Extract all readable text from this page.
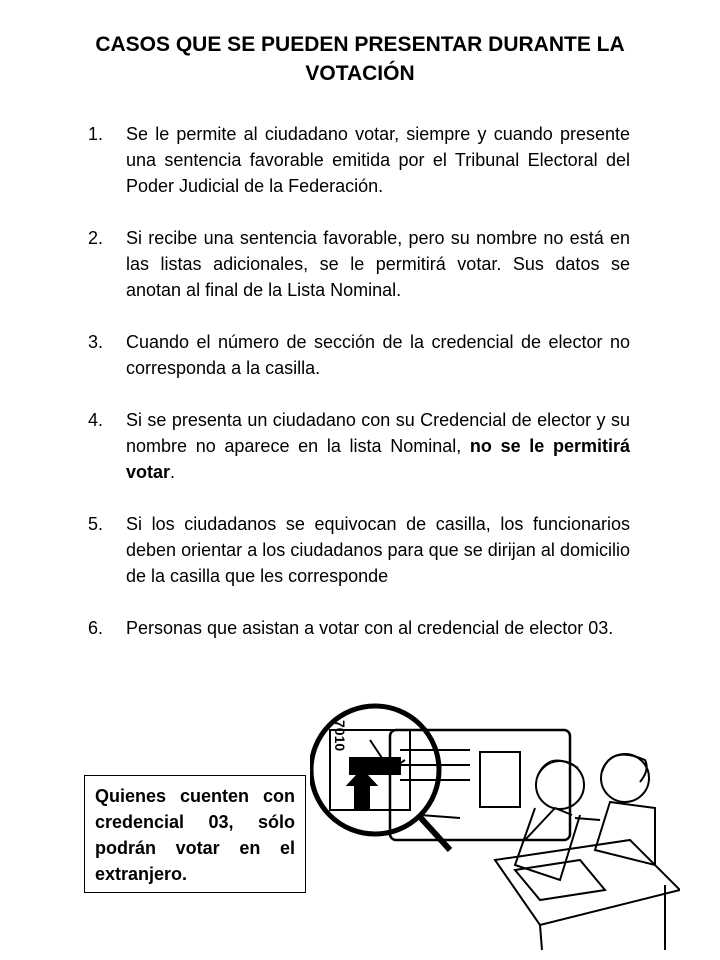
CASOS QUE SE PUEDEN PRESENTAR DURANTE LA
VOTACIÓN
1. Se le permite al ciudadano votar, siempre y cuando presente una sentencia favorable emitida por el Tribunal Electoral del Poder Judicial de la Federación.
2. Si recibe una sentencia favorable, pero su nombre no está en las listas adicionales, se le permitirá votar. Sus datos se anotan al final de la Lista Nominal.
3. Cuando el número de sección de la credencial de elector no corresponda a la casilla.
4. Si se presenta un ciudadano con su Credencial de elector y su nombre no aparece en la lista Nominal, no se le permitirá votar.
5. Si los ciudadanos se equivocan de casilla, los funcionarios deben orientar a los ciudadanos para que se dirijan al domicilio de la casilla que les corresponde
6. Personas que asistan a votar con al credencial de elector 03.
Quienes cuenten con credencial 03, sólo podrán votar en el extranjero.
7010
